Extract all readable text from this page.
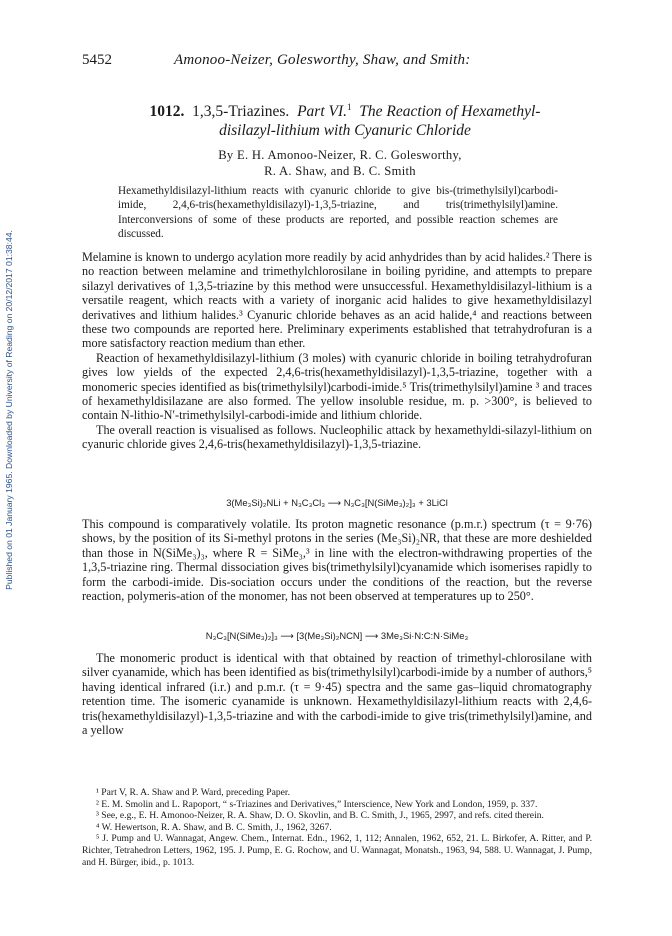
Published on 01 January 1965. Downloaded by University of Reading on 20/12/2017 01:38:44.
5452	Amonoo-Neizer, Golesworthy, Shaw, and Smith:
1012. 1,3,5-Triazines. Part VI.$^1$ The Reaction of Hexamethyl-
disilazyl-lithium with Cyanuric Chloride
By E. H. Amonoo-Neizer, R. C. Golesworthy,
R. A. Shaw, and B. C. Smith
Hexamethyldisilazyl-lithium reacts with cyanuric chloride to give bis-(trimethylsilyl)carbodi-imide, 2,4,6-tris(hexamethyldisilazyl)-1,3,5-triazine, and tris(trimethylsilyl)amine. Interconversions of some of these products are reported, and possible reaction schemes are discussed.

Melamine is known to undergo acylation more readily by acid anhydrides than by acid halides.² There is no reaction between melamine and trimethylchlorosilane in boiling pyridine, and attempts to prepare silazyl derivatives of 1,3,5-triazine by this method were unsuccessful. Hexamethyldisilazyl-lithium is a versatile reagent, which reacts with a variety of inorganic acid halides to give hexamethyldisilazyl derivatives and lithium halides.³ Cyanuric chloride behaves as an acid halide,⁴ and reactions between these two compounds are reported here. Preliminary experiments established that tetrahydrofuran is a more satisfactory reaction medium than ether.

Reaction of hexamethyldisilazyl-lithium (3 moles) with cyanuric chloride in boiling tetrahydrofuran gives low yields of the expected 2,4,6-tris(hexamethyldisilazyl)-1,3,5-triazine, together with a monomeric species identified as bis(trimethylsilyl)carbodi-imide.⁵ Tris(trimethylsilyl)amine ³ and traces of hexamethyldisilazane are also formed. The yellow insoluble residue, m. p. >300°, is believed to contain N-lithio-N′-trimethylsilyl-carbodi-imide and lithium chloride.

The overall reaction is visualised as follows. Nucleophilic attack by hexamethyldi-silazyl-lithium on cyanuric chloride gives 2,4,6-tris(hexamethyldisilazyl)-1,3,5-triazine.

3(Me₃Si)₂NLi + N₃C₃Cl₃ ⟶ N₃C₃[N(SiMe₃)₂]₃ + 3LiCl

This compound is comparatively volatile. Its proton magnetic resonance (p.m.r.) spectrum (τ = 9·76) shows, by the position of its Si-methyl protons in the series (Me₃Si)₂NR, that these are more deshielded than those in N(SiMe₃)₃, where R = SiMe₃,³ in line with the electron-withdrawing properties of the 1,3,5-triazine ring. Thermal dissociation gives bis(trimethylsilyl)cyanamide which isomerises rapidly to form the carbodi-imide. Dis-sociation occurs under the conditions of the reaction, but the reverse reaction, polymeris-ation of the monomer, has not been observed at temperatures up to 250°.

N₃C₃[N(SiMe₃)₂]₃ ⟶ [3(Me₃Si)₂NCN] ⟶ 3Me₃Si·N:C:N·SiMe₃

The monomeric product is identical with that obtained by reaction of trimethyl-chlorosilane with silver cyanamide, which has been identified as bis(trimethylsilyl)carbodi-imide by a number of authors,⁵ having identical infrared (i.r.) and p.m.r. (τ = 9·45) spectra and the same gas–liquid chromatography retention time. The isomeric cyanamide is unknown. Hexamethyldisilazyl-lithium reacts with 2,4,6-tris(hexamethyldisilazyl)-1,3,5-triazine and with the carbodi-imide to give tris(trimethylsilyl)amine, and a yellow

¹ Part V, R. A. Shaw and P. Ward, preceding Paper.

² E. M. Smolin and L. Rapoport, “ s-Triazines and Derivatives,” Interscience, New York and London, 1959, p. 337.

³ See, e.g., E. H. Amonoo-Neizer, R. A. Shaw, D. O. Skovlin, and B. C. Smith, J., 1965, 2997, and refs. cited therein.

⁴ W. Hewertson, R. A. Shaw, and B. C. Smith, J., 1962, 3267.

⁵ J. Pump and U. Wannagat, Angew. Chem., Internat. Edn., 1962, 1, 112; Annalen, 1962, 652, 21. L. Birkofer, A. Ritter, and P. Richter, Tetrahedron Letters, 1962, 195. J. Pump, E. G. Rochow, and U. Wannagat, Monatsh., 1963, 94, 588. U. Wannagat, J. Pump, and H. Bürger, ibid., p. 1013.
